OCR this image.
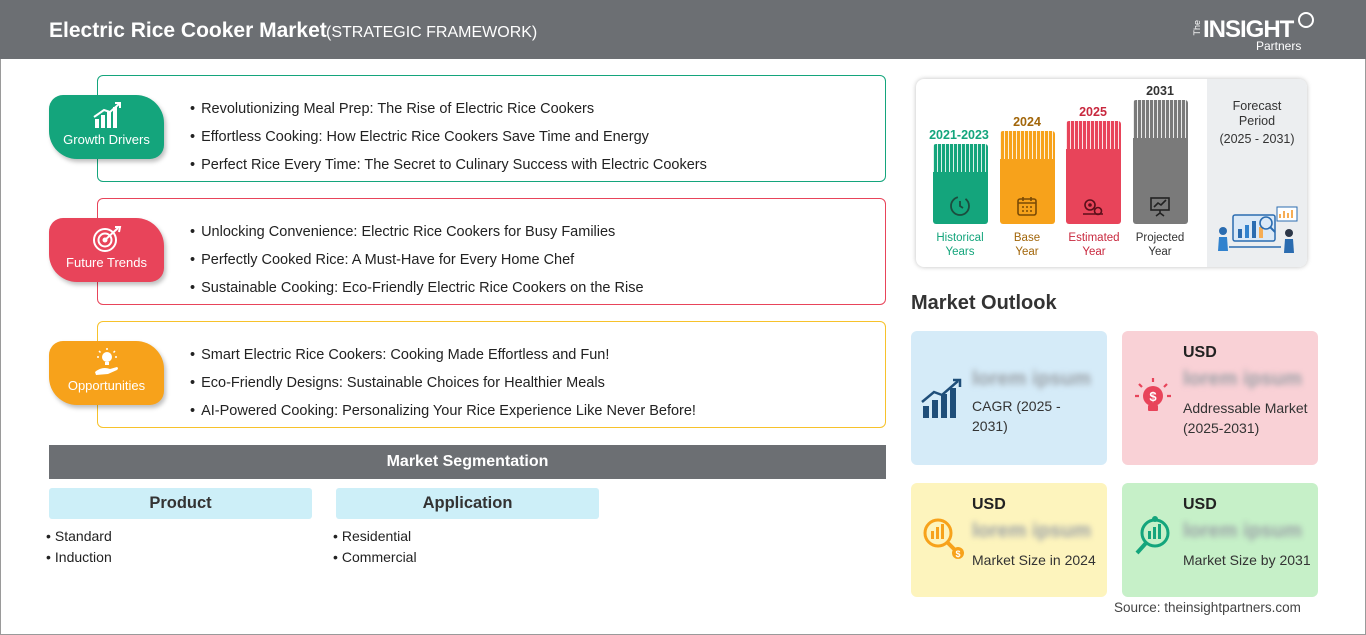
Electric Rice Cooker Market (STRATEGIC FRAMEWORK)	The INSIGHT
Partners
• Revolutionizing Meal Prep: The Rise of Electric Rice Cookers
• Effortless Cooking: How Electric Rice Cookers Save Time and Energy
• Perfect Rice Every Time: The Secret to Culinary Success with Electric Cookers
Growth Drivers
• Unlocking Convenience: Electric Rice Cookers for Busy Families
• Perfectly Cooked Rice: A Must-Have for Every Home Chef
• Sustainable Cooking: Eco-Friendly Electric Rice Cookers on the Rise
Future Trends
• Smart Electric Rice Cookers: Cooking Made Effortless and Fun!
• Eco-Friendly Designs: Sustainable Choices for Healthier Meals
• AI-Powered Cooking: Personalizing Your Rice Experience Like Never Before!
Opportunities
Market Segmentation
Product
• Standard
• Induction
Application
• Residential
• Commercial
2021-2023
Historical
Years
2024
Base
Year
2025
Estimated
Year
2031
Projected
Year
Forecast
Period
(2025 - 2031)
Market Outlook
lorem ipsum
CAGR (2025 - 2031)
USD
lorem ipsum
$
Addressable Market (2025-2031)
USD
lorem ipsum
$ Market Size in 2024
USD
lorem ipsum
Market Size by 2031
Source: theinsightpartners.com
